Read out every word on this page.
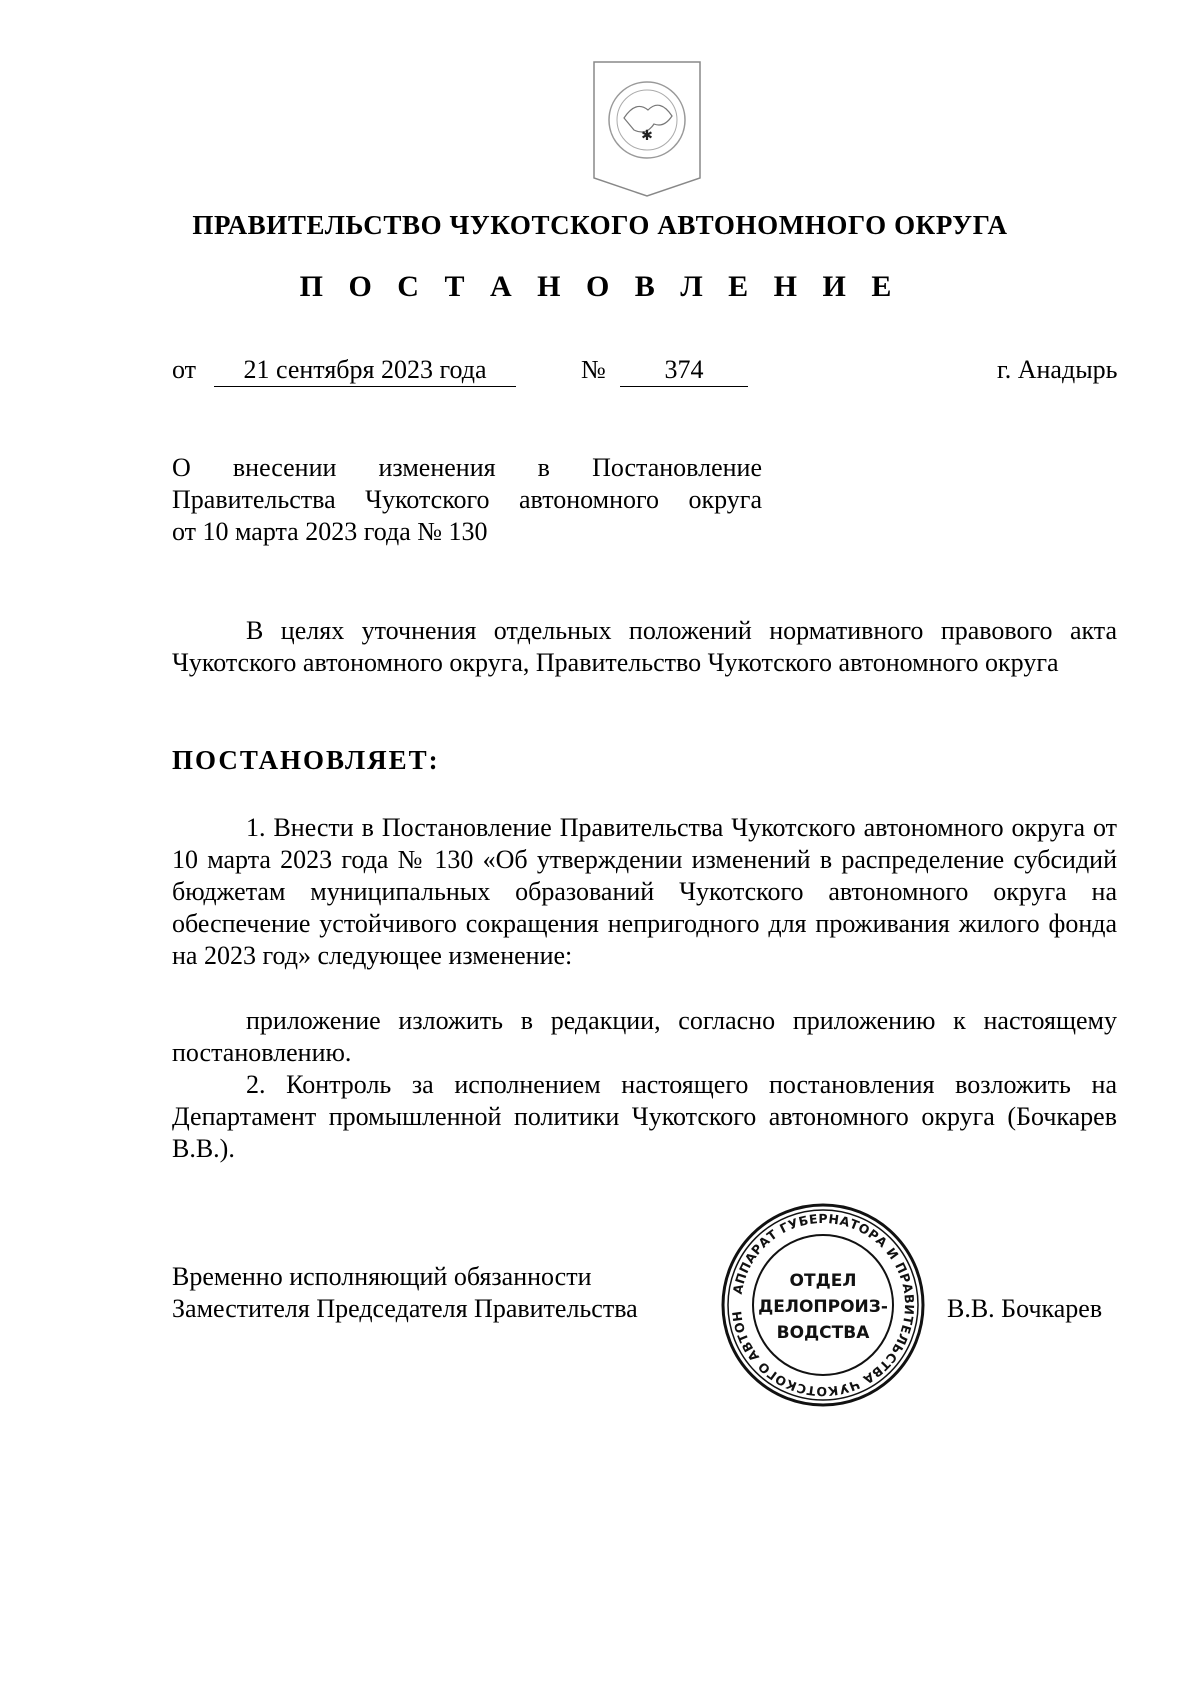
✱
ПРАВИТЕЛЬСТВО ЧУКОТСКОГО АВТОНОМНОГО ОКРУГА
П О С Т А Н О В Л Е Н И Е
от	21 сентября 2023 года	№	374	г. Анадырь
О внесении изменения в Постановление
Правительства Чукотского автономного округа
от 10 марта 2023 года № 130
В целях уточнения отдельных положений нормативного правового акта Чукотского автономного округа, Правительство Чукотского автономного округа
ПОСТАНОВЛЯЕТ:
1. Внести в Постановление Правительства Чукотского автономного округа от 10 марта 2023 года № 130 «Об утверждении изменений в распределение субсидий бюджетам муниципальных образований Чукотского автономного округа на обеспечение устойчивого сокращения непригодного для проживания жилого фонда на 2023 год» следующее изменение:
приложение изложить в редакции, согласно приложению к настоящему постановлению.
2. Контроль за исполнением настоящего постановления возложить на Департамент промышленной политики Чукотского автономного округа (Бочкарев В.В.).
Временно исполняющий обязанности
Заместителя Председателя Правительства	В.В. Бочкарев
АППАРАТ ГУБЕРНАТОРА И ПРАВИТЕЛЬСТВА ЧУКОТСКОГО АВТОН
ОТДЕЛ
ДЕЛОПРОИЗ-
ВОДСТВА
